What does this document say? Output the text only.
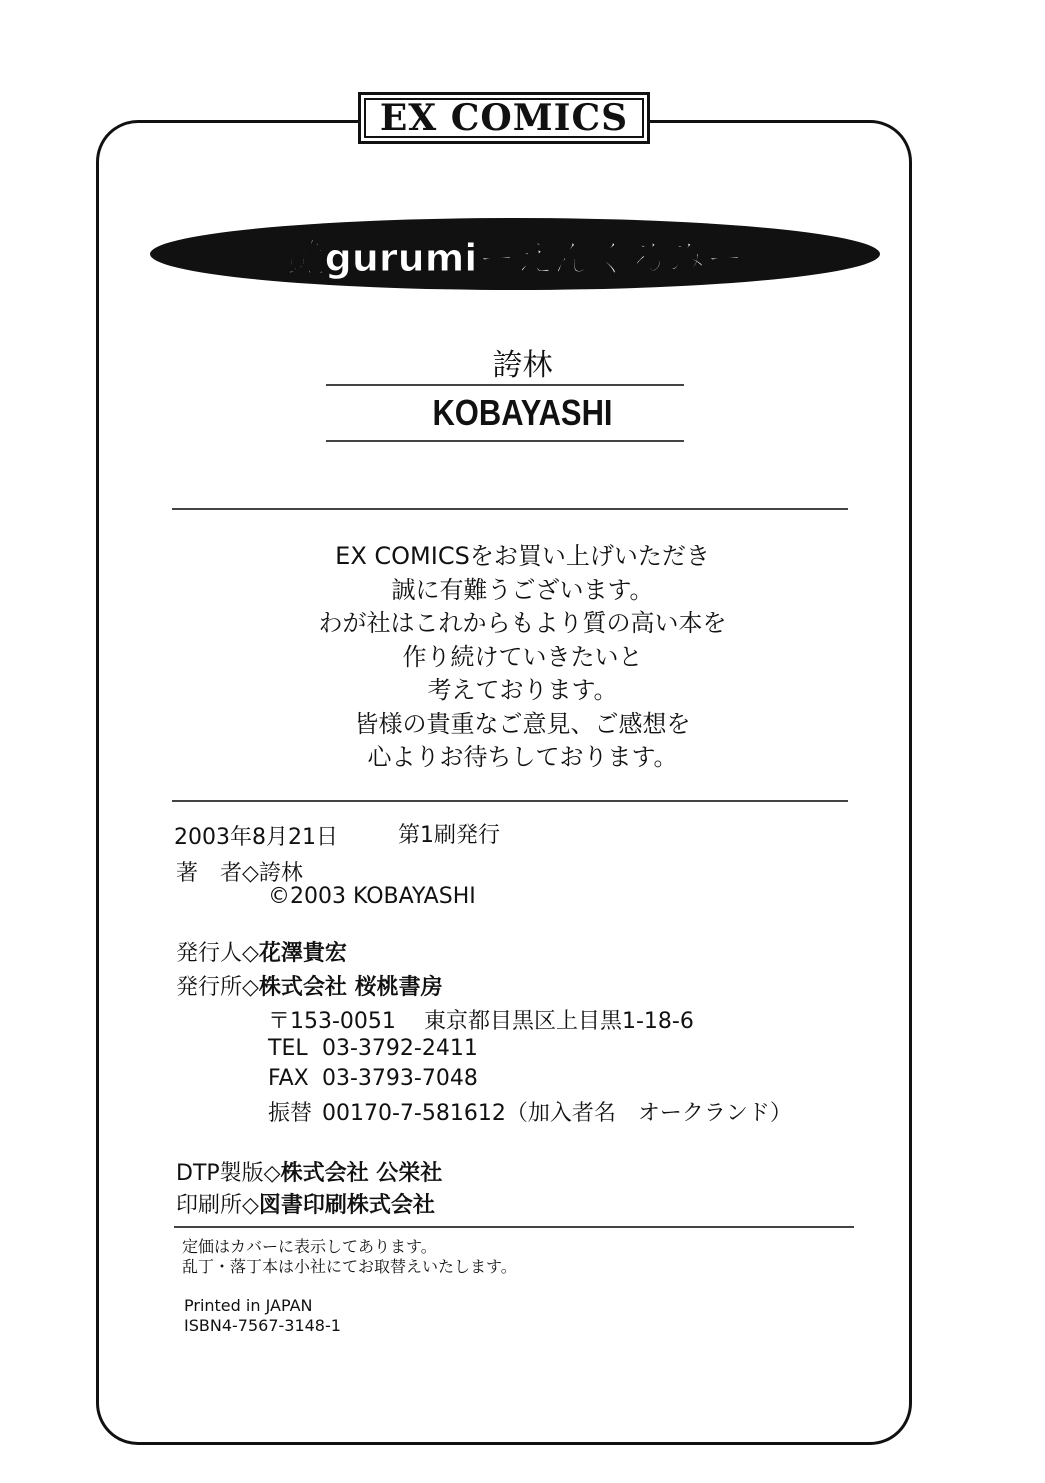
EX COMICS
艶gurumiーえんぐるみー
誇林
KOBAYASHI
EX COMICSをお買い上げいただき
誠に有難うございます。
わが社はこれからもより質の高い本を
作り続けていきたいと
考えております。
皆様の貴重なご意見、ご感想を
心よりお待ちしております。
2003年8月21日	第1刷発行
著　者◇誇林
©2003 KOBAYASHI
発行人◇花澤貴宏
発行所◇株式会社 桜桃書房
〒153-0051 東京都目黒区上目黒1-18-6
TEL 03-3792-2411
FAX 03-3793-7048
振替 00170-7-581612（加入者名　オークランド）
DTP製版◇株式会社 公栄社
印刷所◇図書印刷株式会社
定価はカバーに表示してあります。
乱丁・落丁本は小社にてお取替えいたします。
Printed in JAPAN
ISBN4-7567-3148-1
